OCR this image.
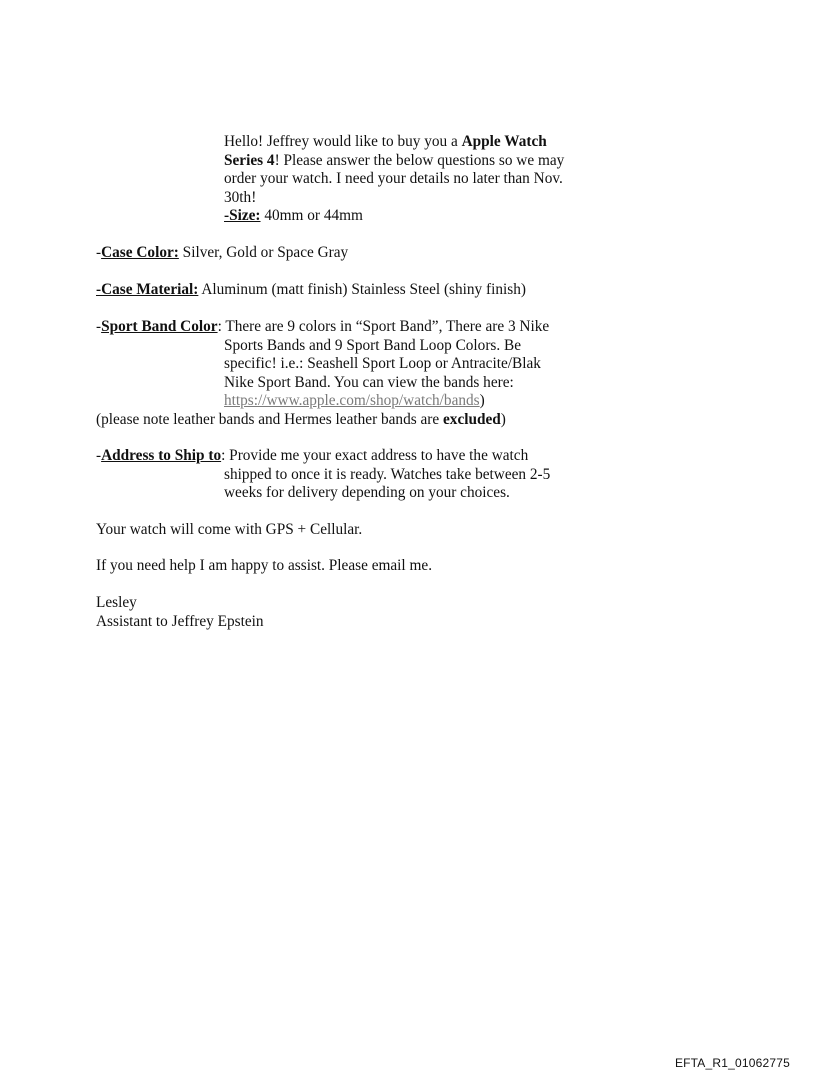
Hello! Jeffrey would like to buy you a Apple Watch
Series 4! Please answer the below questions so we may
order your watch. I need your details no later than Nov.
30th!
-Size: 40mm or 44mm
-Case Color: Silver, Gold or Space Gray
-Case Material: Aluminum (matt finish) Stainless Steel (shiny finish)
-Sport Band Color: There are 9 colors in “Sport Band”, There are 3 Nike
Sports Bands and 9 Sport Band Loop Colors. Be
specific! i.e.: Seashell Sport Loop or Antracite/Blak
Nike Sport Band. You can view the bands here:
https://www.apple.com/shop/watch/bands)
(please note leather bands and Hermes leather bands are excluded)
-Address to Ship to: Provide me your exact address to have the watch
shipped to once it is ready. Watches take between 2-5
weeks for delivery depending on your choices.
Your watch will come with GPS + Cellular.
If you need help I am happy to assist. Please email me.
Lesley
Assistant to Jeffrey Epstein
EFTA_R1_01062775
